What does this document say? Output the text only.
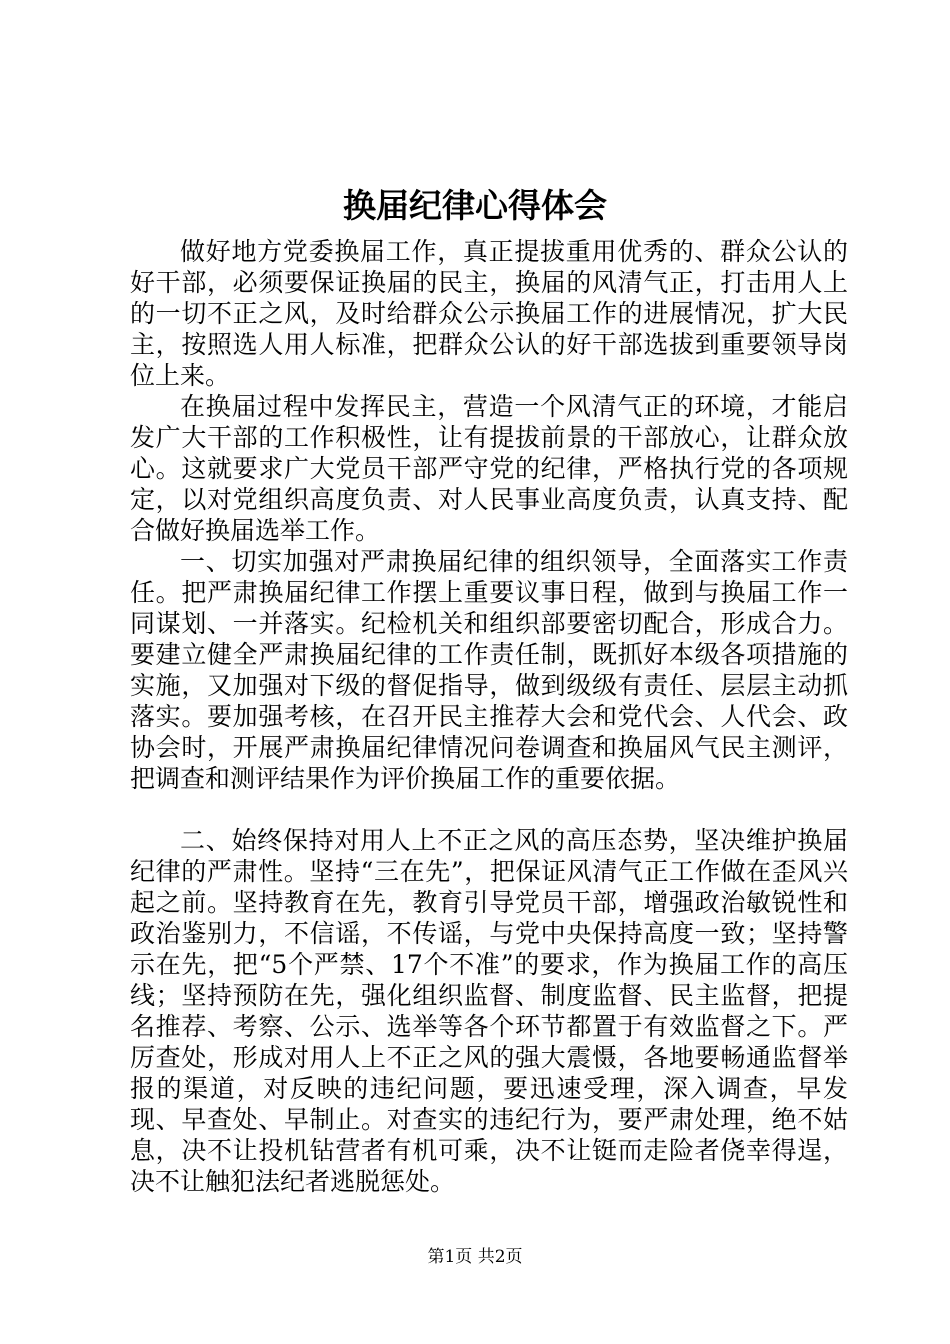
换届纪律心得体会

做好地方党委换届工作，真正提拔重用优秀的、群众公认的好干部，必须要保证换届的民主，换届的风清气正，打击用人上的一切不正之风，及时给群众公示换届工作的进展情况，扩大民主，按照选人用人标准，把群众公认的好干部选拔到重要领导岗位上来。

在换届过程中发挥民主，营造一个风清气正的环境，才能启发广大干部的工作积极性，让有提拔前景的干部放心，让群众放心。这就要求广大党员干部严守党的纪律，严格执行党的各项规定，以对党组织高度负责、对人民事业高度负责，认真支持、配合做好换届选举工作。

一、切实加强对严肃换届纪律的组织领导，全面落实工作责任。把严肃换届纪律工作摆上重要议事日程，做到与换届工作一同谋划、一并落实。纪检机关和组织部要密切配合，形成合力。要建立健全严肃换届纪律的工作责任制，既抓好本级各项措施的实施，又加强对下级的督促指导，做到级级有责任、层层主动抓落实。要加强考核，在召开民主推荐大会和党代会、人代会、政协会时，开展严肃换届纪律情况问卷调查和换届风气民主测评，把调查和测评结果作为评价换届工作的重要依据。

二、始终保持对用人上不正之风的高压态势，坚决维护换届纪律的严肃性。坚持“三在先”，把保证风清气正工作做在歪风兴起之前。坚持教育在先，教育引导党员干部，增强政治敏锐性和政治鉴别力，不信谣，不传谣，与党中央保持高度一致；坚持警示在先，把“5个严禁、17个不准”的要求，作为换届工作的高压线；坚持预防在先，强化组织监督、制度监督、民主监督，把提名推荐、考察、公示、选举等各个环节都置于有效监督之下。严厉查处，形成对用人上不正之风的强大震慑，各地要畅通监督举报的渠道，对反映的违纪问题，要迅速受理，深入调查，早发现、早查处、早制止。对查实的违纪行为，要严肃处理，绝不姑息，决不让投机钻营者有机可乘，决不让铤而走险者侥幸得逞，决不让触犯法纪者逃脱惩处。

第1页 共2页
